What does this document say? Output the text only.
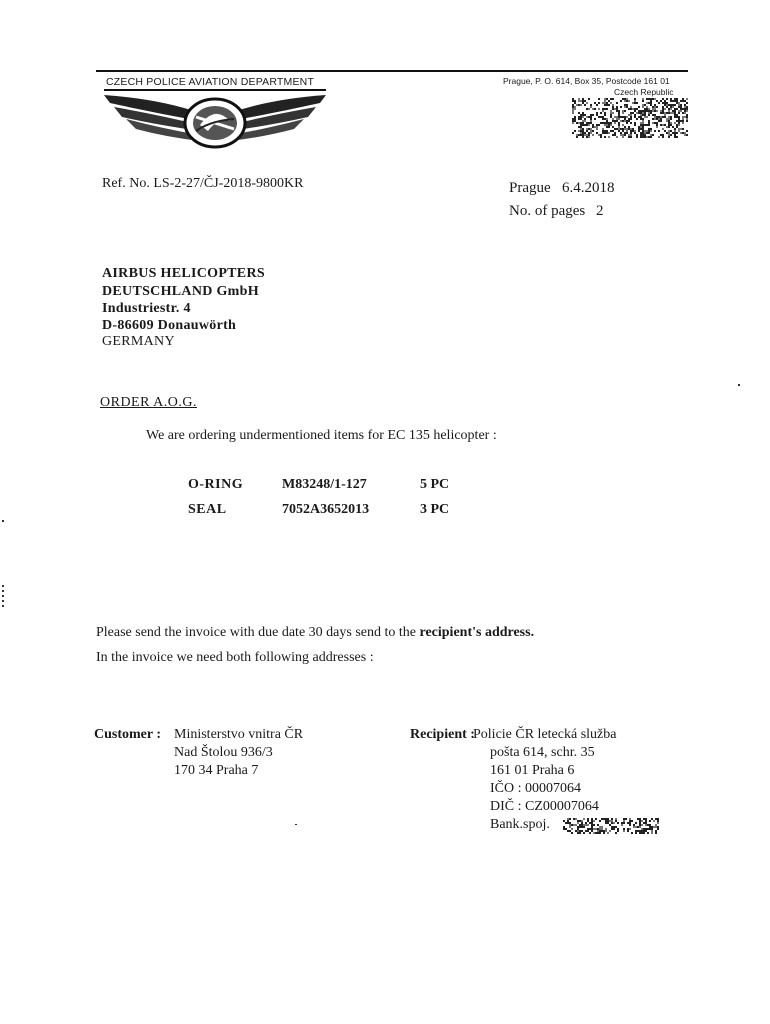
CZECH POLICE AVIATION DEPARTMENT	Prague, P. O. 614, Box 35, Postcode 161 01
Czech Republic
Ref. No. LS-2-27/ČJ-2018-9800KR	Prague 6.4.2018
No. of pages 2
AIRBUS HELICOPTERS
DEUTSCHLAND GmbH
Industriestr. 4
D-86609 Donauwörth
GERMANY
ORDER A.O.G.
We are ordering undermentioned items for EC 135 helicopter :
O-RING	M83248/1-127	5 PC
SEAL	7052A3652013	3 PC
Please send the invoice with due date 30 days send to the recipient's address.
In the invoice we need both following addresses :
Customer : Ministerstvo vnitra ČR
Nad Štolou 936/3
170 34 Praha 7
Recipient :
Policie ČR letecká služba
pošta 614, schr. 35
161 01 Praha 6
IČO : 00007064
DIČ : CZ00007064
Bank.spoj.
